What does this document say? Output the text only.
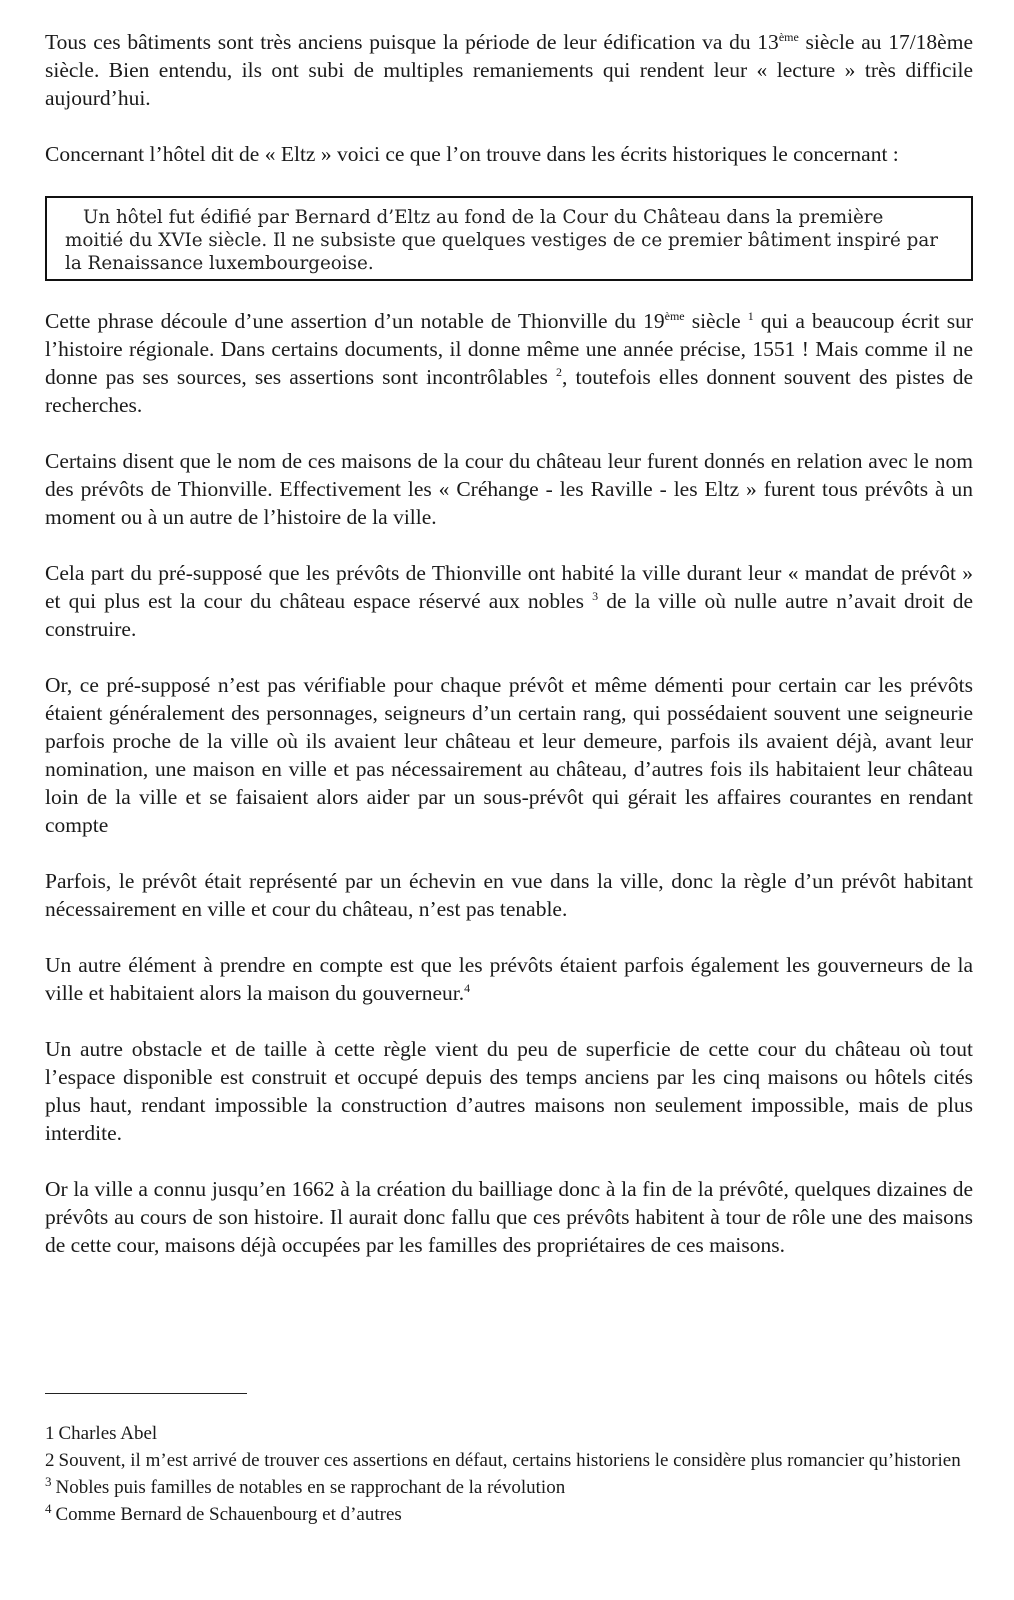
Tous ces bâtiments sont très anciens puisque la période de leur édification va du 13ème siècle au 17/18ème siècle. Bien entendu, ils ont subi de multiples remaniements qui rendent leur « lecture » très difficile aujourd’hui.

Concernant l’hôtel dit de « Eltz » voici ce que l’on trouve dans les écrits historiques le concernant :

Un hôtel fut édifié par Bernard d’Eltz au fond de la Cour du Château dans la première
moitié du XVIe siècle. Il ne subsiste que quelques vestiges de ce premier bâtiment inspiré par
la Renaissance luxembourgeoise.

Cette phrase découle d’une assertion d’un notable de Thionville du 19ème siècle $^1$ qui a beaucoup écrit sur l’histoire régionale. Dans certains documents, il donne même une année précise, 1551 ! Mais comme il ne donne pas ses sources, ses assertions sont incontrôlables $^2$, toutefois elles donnent souvent des pistes de recherches.

Certains disent que le nom de ces maisons de la cour du château leur furent donnés en relation avec le nom des prévôts de Thionville. Effectivement les « Créhange - les Raville - les Eltz » furent tous prévôts à un moment ou à un autre de l’histoire de la ville.

Cela part du pré-supposé que les prévôts de Thionville ont habité la ville durant leur « mandat de prévôt » et qui plus est la cour du château espace réservé aux nobles $^3$ de la ville où nulle autre n’avait droit de construire.

Or, ce pré-supposé n’est pas vérifiable pour chaque prévôt et même démenti pour certain car les prévôts étaient généralement des personnages, seigneurs d’un certain rang, qui possédaient souvent une seigneurie parfois proche de la ville où ils avaient leur château et leur demeure, parfois ils avaient déjà, avant leur nomination, une maison en ville et pas nécessairement au château, d’autres fois ils habitaient leur château loin de la ville et se faisaient alors aider par un sous-prévôt qui gérait les affaires courantes en rendant compte

Parfois, le prévôt était représenté par un échevin en vue dans la ville, donc la règle d’un prévôt habitant nécessairement en ville et cour du château, n’est pas tenable.

Un autre élément à prendre en compte est que les prévôts étaient parfois également les gouverneurs de la ville et habitaient alors la maison du gouverneur.$^4$

Un autre obstacle et de taille à cette règle vient du peu de superficie de cette cour du château où tout l’espace disponible est construit et occupé depuis des temps anciens par les cinq maisons ou hôtels cités plus haut, rendant impossible la construction d’autres maisons non seulement impossible, mais de plus interdite.

Or la ville a connu jusqu’en 1662 à la création du bailliage donc à la fin de la prévôté, quelques dizaines de prévôts au cours de son histoire. Il aurait donc fallu que ces prévôts habitent à tour de rôle une des maisons de cette cour, maisons déjà occupées par les familles des propriétaires de ces maisons.

1 Charles Abel

2 Souvent, il m’est arrivé de trouver ces assertions en défaut, certains historiens le considère plus romancier qu’historien

$^3$ Nobles puis familles de notables en se rapprochant de la révolution

$^4$ Comme Bernard de Schauenbourg et d’autres
